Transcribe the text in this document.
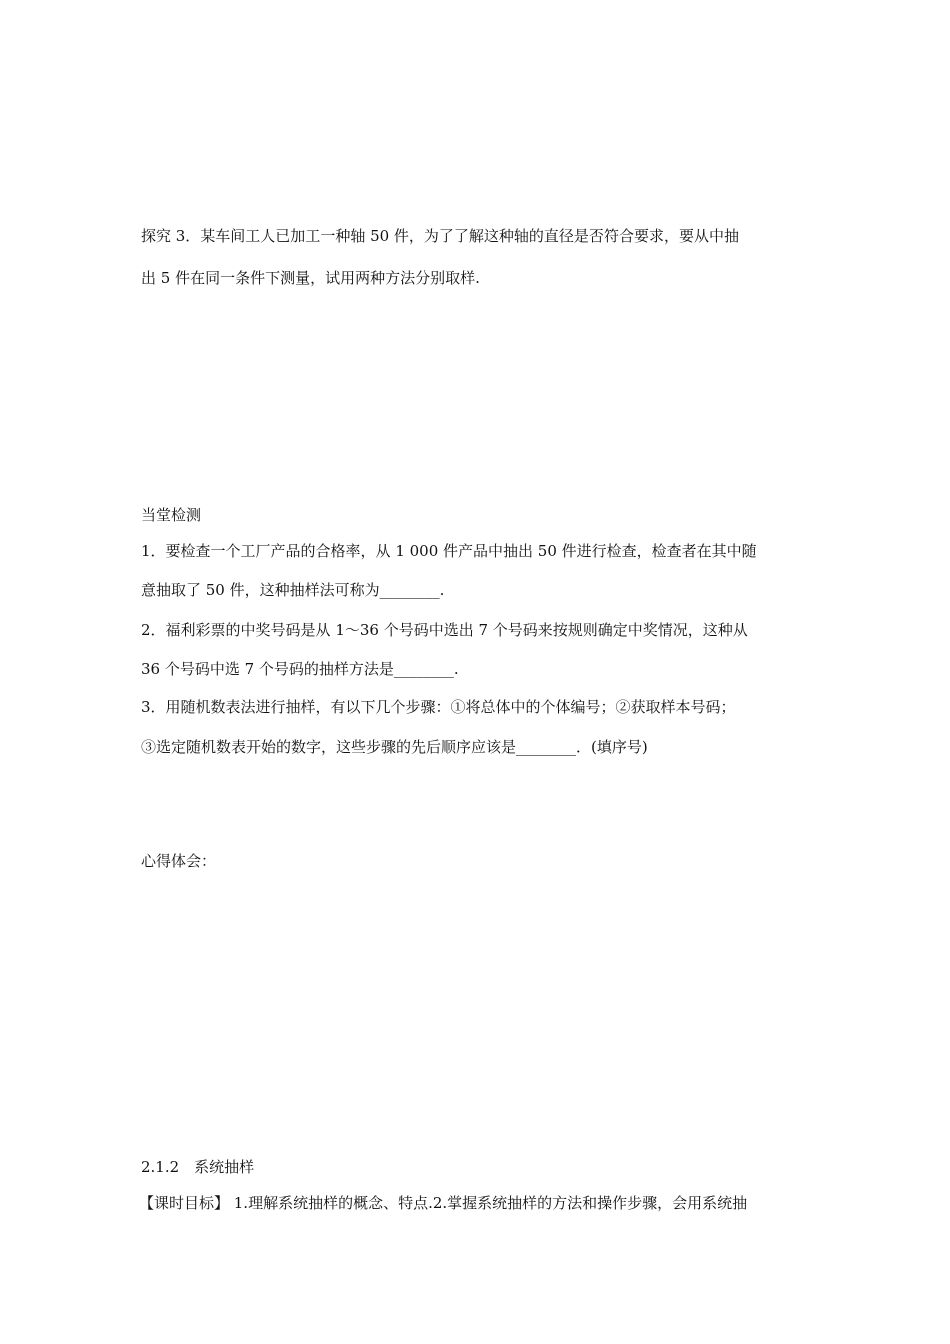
探究 3．某车间工人已加工一种轴 50 件，为了了解这种轴的直径是否符合要求，要从中抽
出 5 件在同一条件下测量，试用两种方法分别取样.
当堂检测
1．要检查一个工厂产品的合格率，从 1 000 件产品中抽出 50 件进行检查，检查者在其中随
意抽取了 50 件，这种抽样法可称为________.
2．福利彩票的中奖号码是从 1～36 个号码中选出 7 个号码来按规则确定中奖情况，这种从
36 个号码中选 7 个号码的抽样方法是________.
3．用随机数表法进行抽样，有以下几个步骤：①将总体中的个体编号；②获取样本号码；
③选定随机数表开始的数字，这些步骤的先后顺序应该是________．(填序号)
心得体会：
2.1.2　系统抽样
【课时目标】 1.理解系统抽样的概念、特点.2.掌握系统抽样的方法和操作步骤，会用系统抽
